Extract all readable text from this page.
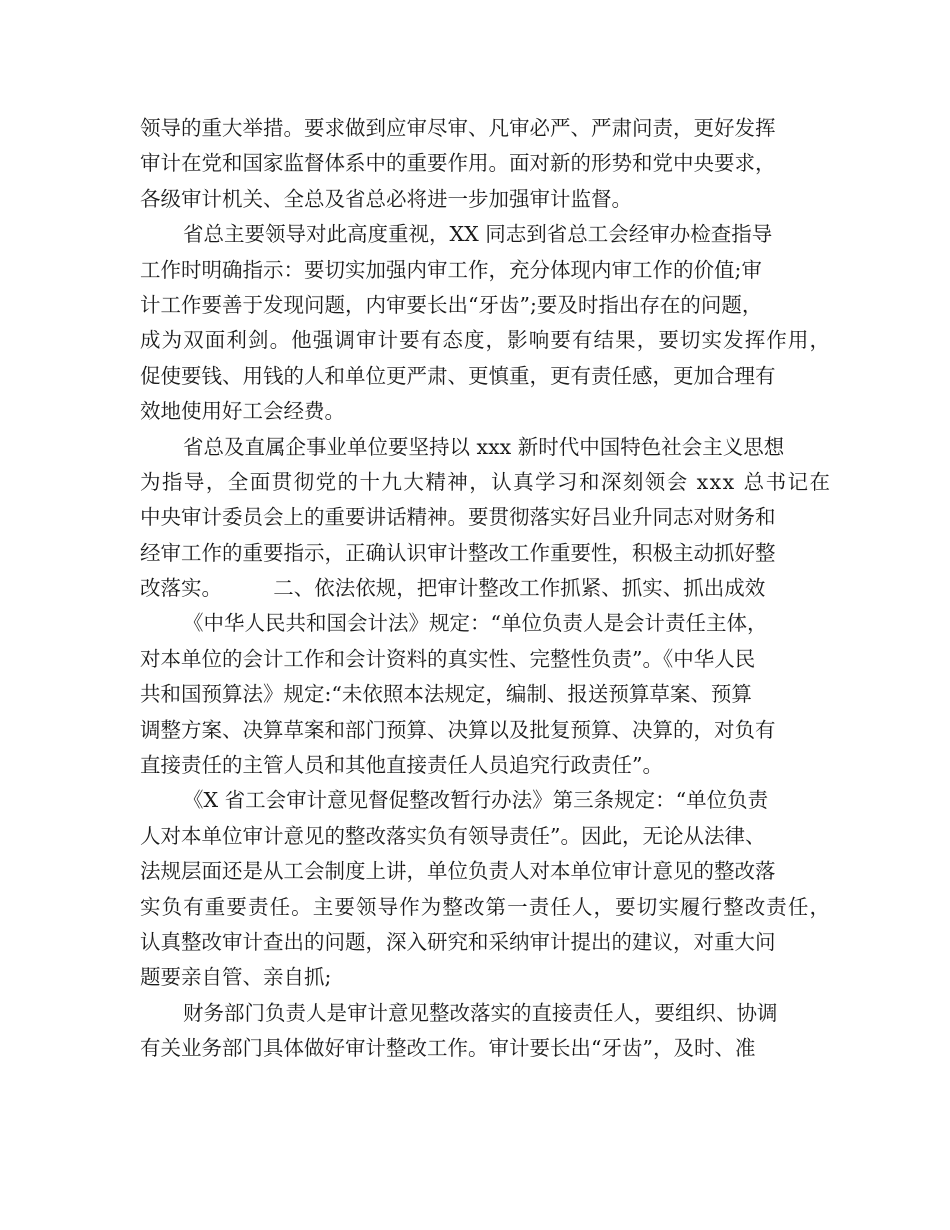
领导的重大举措。要求做到应审尽审、凡审必严、严肃问责，更好发挥
审计在党和国家监督体系中的重要作用。面对新的形势和党中央要求，
各级审计机关、全总及省总必将进一步加强审计监督。
省总主要领导对此高度重视，XX 同志到省总工会经审办检查指导
工作时明确指示：要切实加强内审工作，充分体现内审工作的价值;审
计工作要善于发现问题，内审要长出“牙齿”;要及时指出存在的问题，
成为双面利剑。他强调审计要有态度，影响要有结果，要切实发挥作用，
促使要钱、用钱的人和单位更严肃、更慎重，更有责任感，更加合理有
效地使用好工会经费。
省总及直属企事业单位要坚持以 xxx 新时代中国特色社会主义思想
为指导，全面贯彻党的十九大精神，认真学习和深刻领会 xxx 总书记在
中央审计委员会上的重要讲话精神。要贯彻落实好吕业升同志对财务和
经审工作的重要指示，正确认识审计整改工作重要性，积极主动抓好整
改落实。　　　二、依法依规，把审计整改工作抓紧、抓实、抓出成效
《中华人民共和国会计法》规定：“单位负责人是会计责任主体，
对本单位的会计工作和会计资料的真实性、完整性负责”。《中华人民
共和国预算法》规定:“未依照本法规定，编制、报送预算草案、预算
调整方案、决算草案和部门预算、决算以及批复预算、决算的，对负有
直接责任的主管人员和其他直接责任人员追究行政责任”。
《X 省工会审计意见督促整改暂行办法》第三条规定：“单位负责
人对本单位审计意见的整改落实负有领导责任”。因此，无论从法律、
法规层面还是从工会制度上讲，单位负责人对本单位审计意见的整改落
实负有重要责任。主要领导作为整改第一责任人，要切实履行整改责任，
认真整改审计查出的问题，深入研究和采纳审计提出的建议，对重大问
题要亲自管、亲自抓;
财务部门负责人是审计意见整改落实的直接责任人，要组织、协调
有关业务部门具体做好审计整改工作。审计要长出“牙齿”，及时、准
